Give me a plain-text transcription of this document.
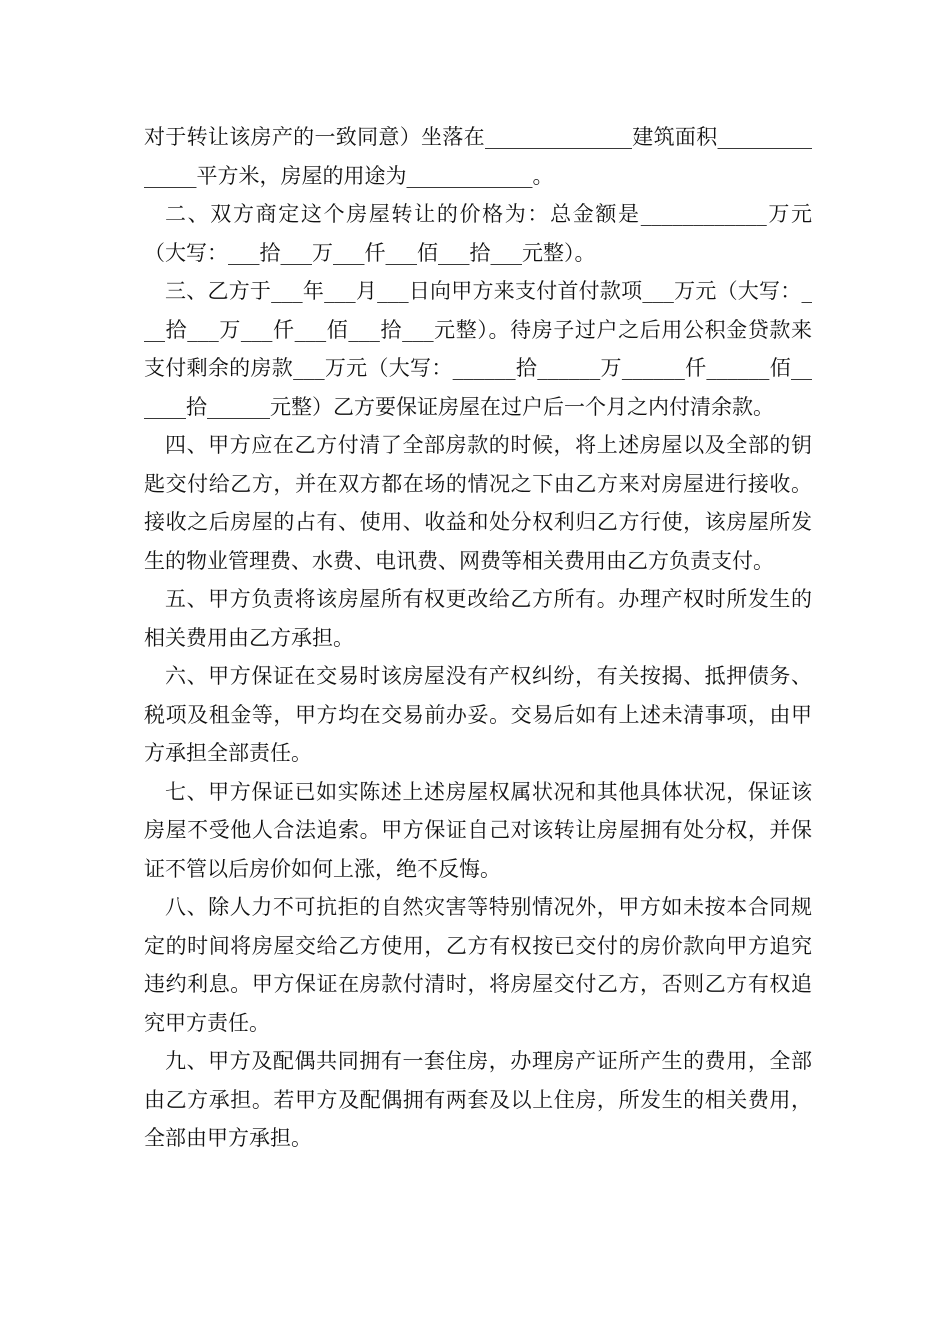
对于转让该房产的一致同意）坐落在______________建筑面积______________平方米，房屋的用途为____________。

二、双方商定这个房屋转让的价格为：总金额是____________万元（大写：___拾___万___仟___佰___拾___元整）。

三、乙方于___年___月___日向甲方来支付首付款项___万元（大写：___拾___万___仟___佰___拾___元整）。待房子过户之后用公积金贷款来支付剩余的房款___万元（大写：______拾______万______仟______佰______拾______元整）乙方要保证房屋在过户后一个月之内付清余款。

四、甲方应在乙方付清了全部房款的时候，将上述房屋以及全部的钥匙交付给乙方，并在双方都在场的情况之下由乙方来对房屋进行接收。接收之后房屋的占有、使用、收益和处分权利归乙方行使，该房屋所发生的物业管理费、水费、电讯费、网费等相关费用由乙方负责支付。

五、甲方负责将该房屋所有权更改给乙方所有。办理产权时所发生的相关费用由乙方承担。

六、甲方保证在交易时该房屋没有产权纠纷，有关按揭、抵押债务、税项及租金等，甲方均在交易前办妥。交易后如有上述未清事项，由甲方承担全部责任。

七、甲方保证已如实陈述上述房屋权属状况和其他具体状况，保证该房屋不受他人合法追索。甲方保证自己对该转让房屋拥有处分权，并保证不管以后房价如何上涨，绝不反悔。

八、除人力不可抗拒的自然灾害等特别情况外，甲方如未按本合同规定的时间将房屋交给乙方使用，乙方有权按已交付的房价款向甲方追究违约利息。甲方保证在房款付清时，将房屋交付乙方，否则乙方有权追究甲方责任。

九、甲方及配偶共同拥有一套住房，办理房产证所产生的费用，全部由乙方承担。若甲方及配偶拥有两套及以上住房，所发生的相关费用，全部由甲方承担。
